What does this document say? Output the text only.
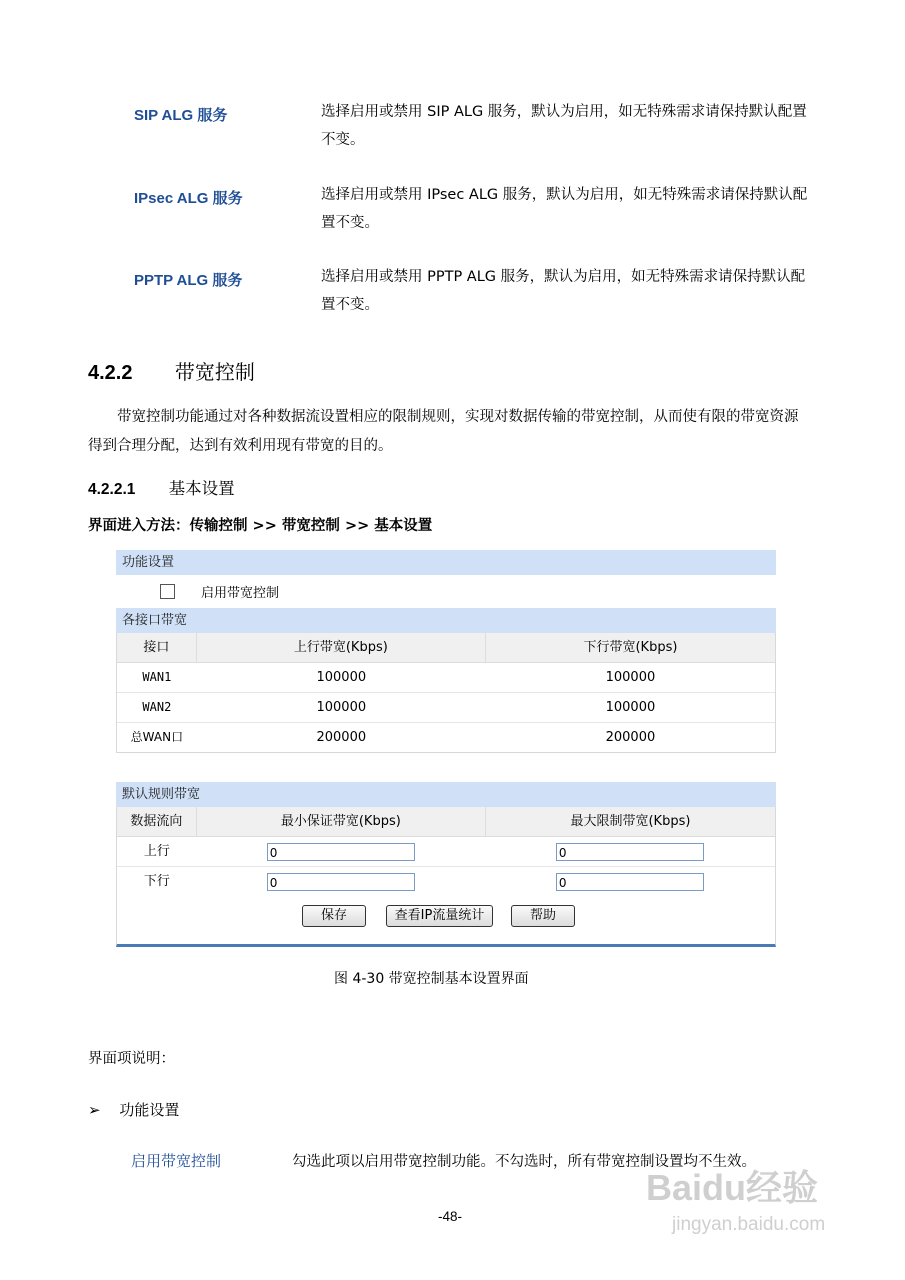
SIP ALG 服务	选择启用或禁用 SIP ALG 服务，默认为启用，如无特殊需求请保持默认配置不变。
IPsec ALG 服务	选择启用或禁用 IPsec ALG 服务，默认为启用，如无特殊需求请保持默认配置不变。
PPTP ALG 服务	选择启用或禁用 PPTP ALG 服务，默认为启用，如无特殊需求请保持默认配置不变。
4.2.2 带宽控制
带宽控制功能通过对各种数据流设置相应的限制规则，实现对数据传输的带宽控制，从而使有限的带宽资源得到合理分配，达到有效利用现有带宽的目的。
4.2.2.1 基本设置
界面进入方法：传输控制 >> 带宽控制 >> 基本设置
功能设置
启用带宽控制
各接口带宽
接口	上行带宽(Kbps)	下行带宽(Kbps)
WAN1	100000	100000
WAN2	100000	100000
总WAN口	200000	200000
默认规则带宽
数据流向	最小保证带宽(Kbps)	最大限制带宽(Kbps)
上行	0	0
下行	0	0
保存	查看IP流量统计	帮助
图 4-30 带宽控制基本设置界面
界面项说明：
➢ 功能设置
启用带宽控制	勾选此项以启用带宽控制功能。不勾选时，所有带宽控制设置均不生效。
-48-
Baidu经验
jingyan.baidu.com
